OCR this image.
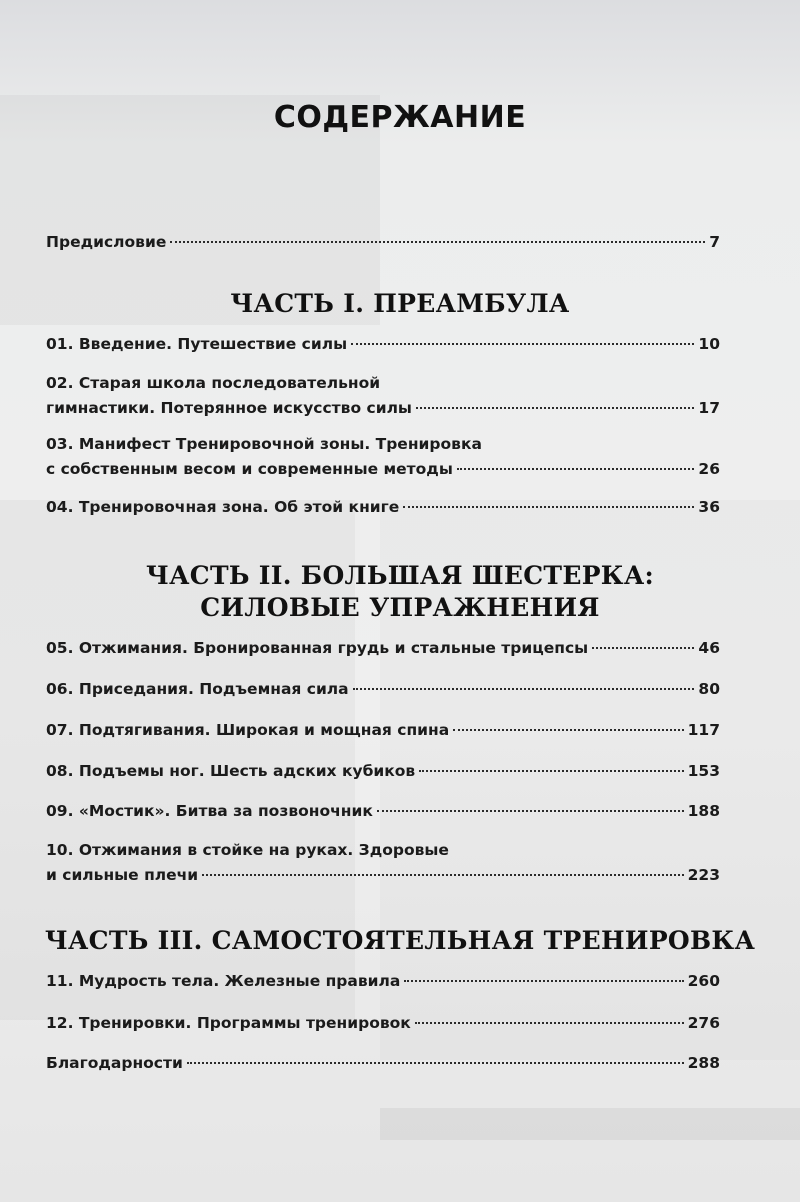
СОДЕРЖАНИЕ
Предисловие	7
ЧАСТЬ I. ПРЕАМБУЛА
01. Введение. Путешествие силы	10
02. Старая школа последовательной
гимнастики. Потерянное искусство силы	17
03. Манифест Тренировочной зоны. Тренировка
с собственным весом и современные методы	26
04. Тренировочная зона. Об этой книге	36
ЧАСТЬ II. БОЛЬШАЯ ШЕСТЕРКА:
СИЛОВЫЕ УПРАЖНЕНИЯ
05. Отжимания. Бронированная грудь и стальные трицепсы	46
06. Приседания. Подъемная сила	80
07. Подтягивания. Широкая и мощная спина	117
08. Подъемы ног. Шесть адских кубиков	153
09. «Мостик». Битва за позвоночник	188
10. Отжимания в стойке на руках. Здоровые
и сильные плечи	223
ЧАСТЬ III. САМОСТОЯТЕЛЬНАЯ ТРЕНИРОВКА
11. Мудрость тела. Железные правила	260
12. Тренировки. Программы тренировок	276
Благодарности	288
